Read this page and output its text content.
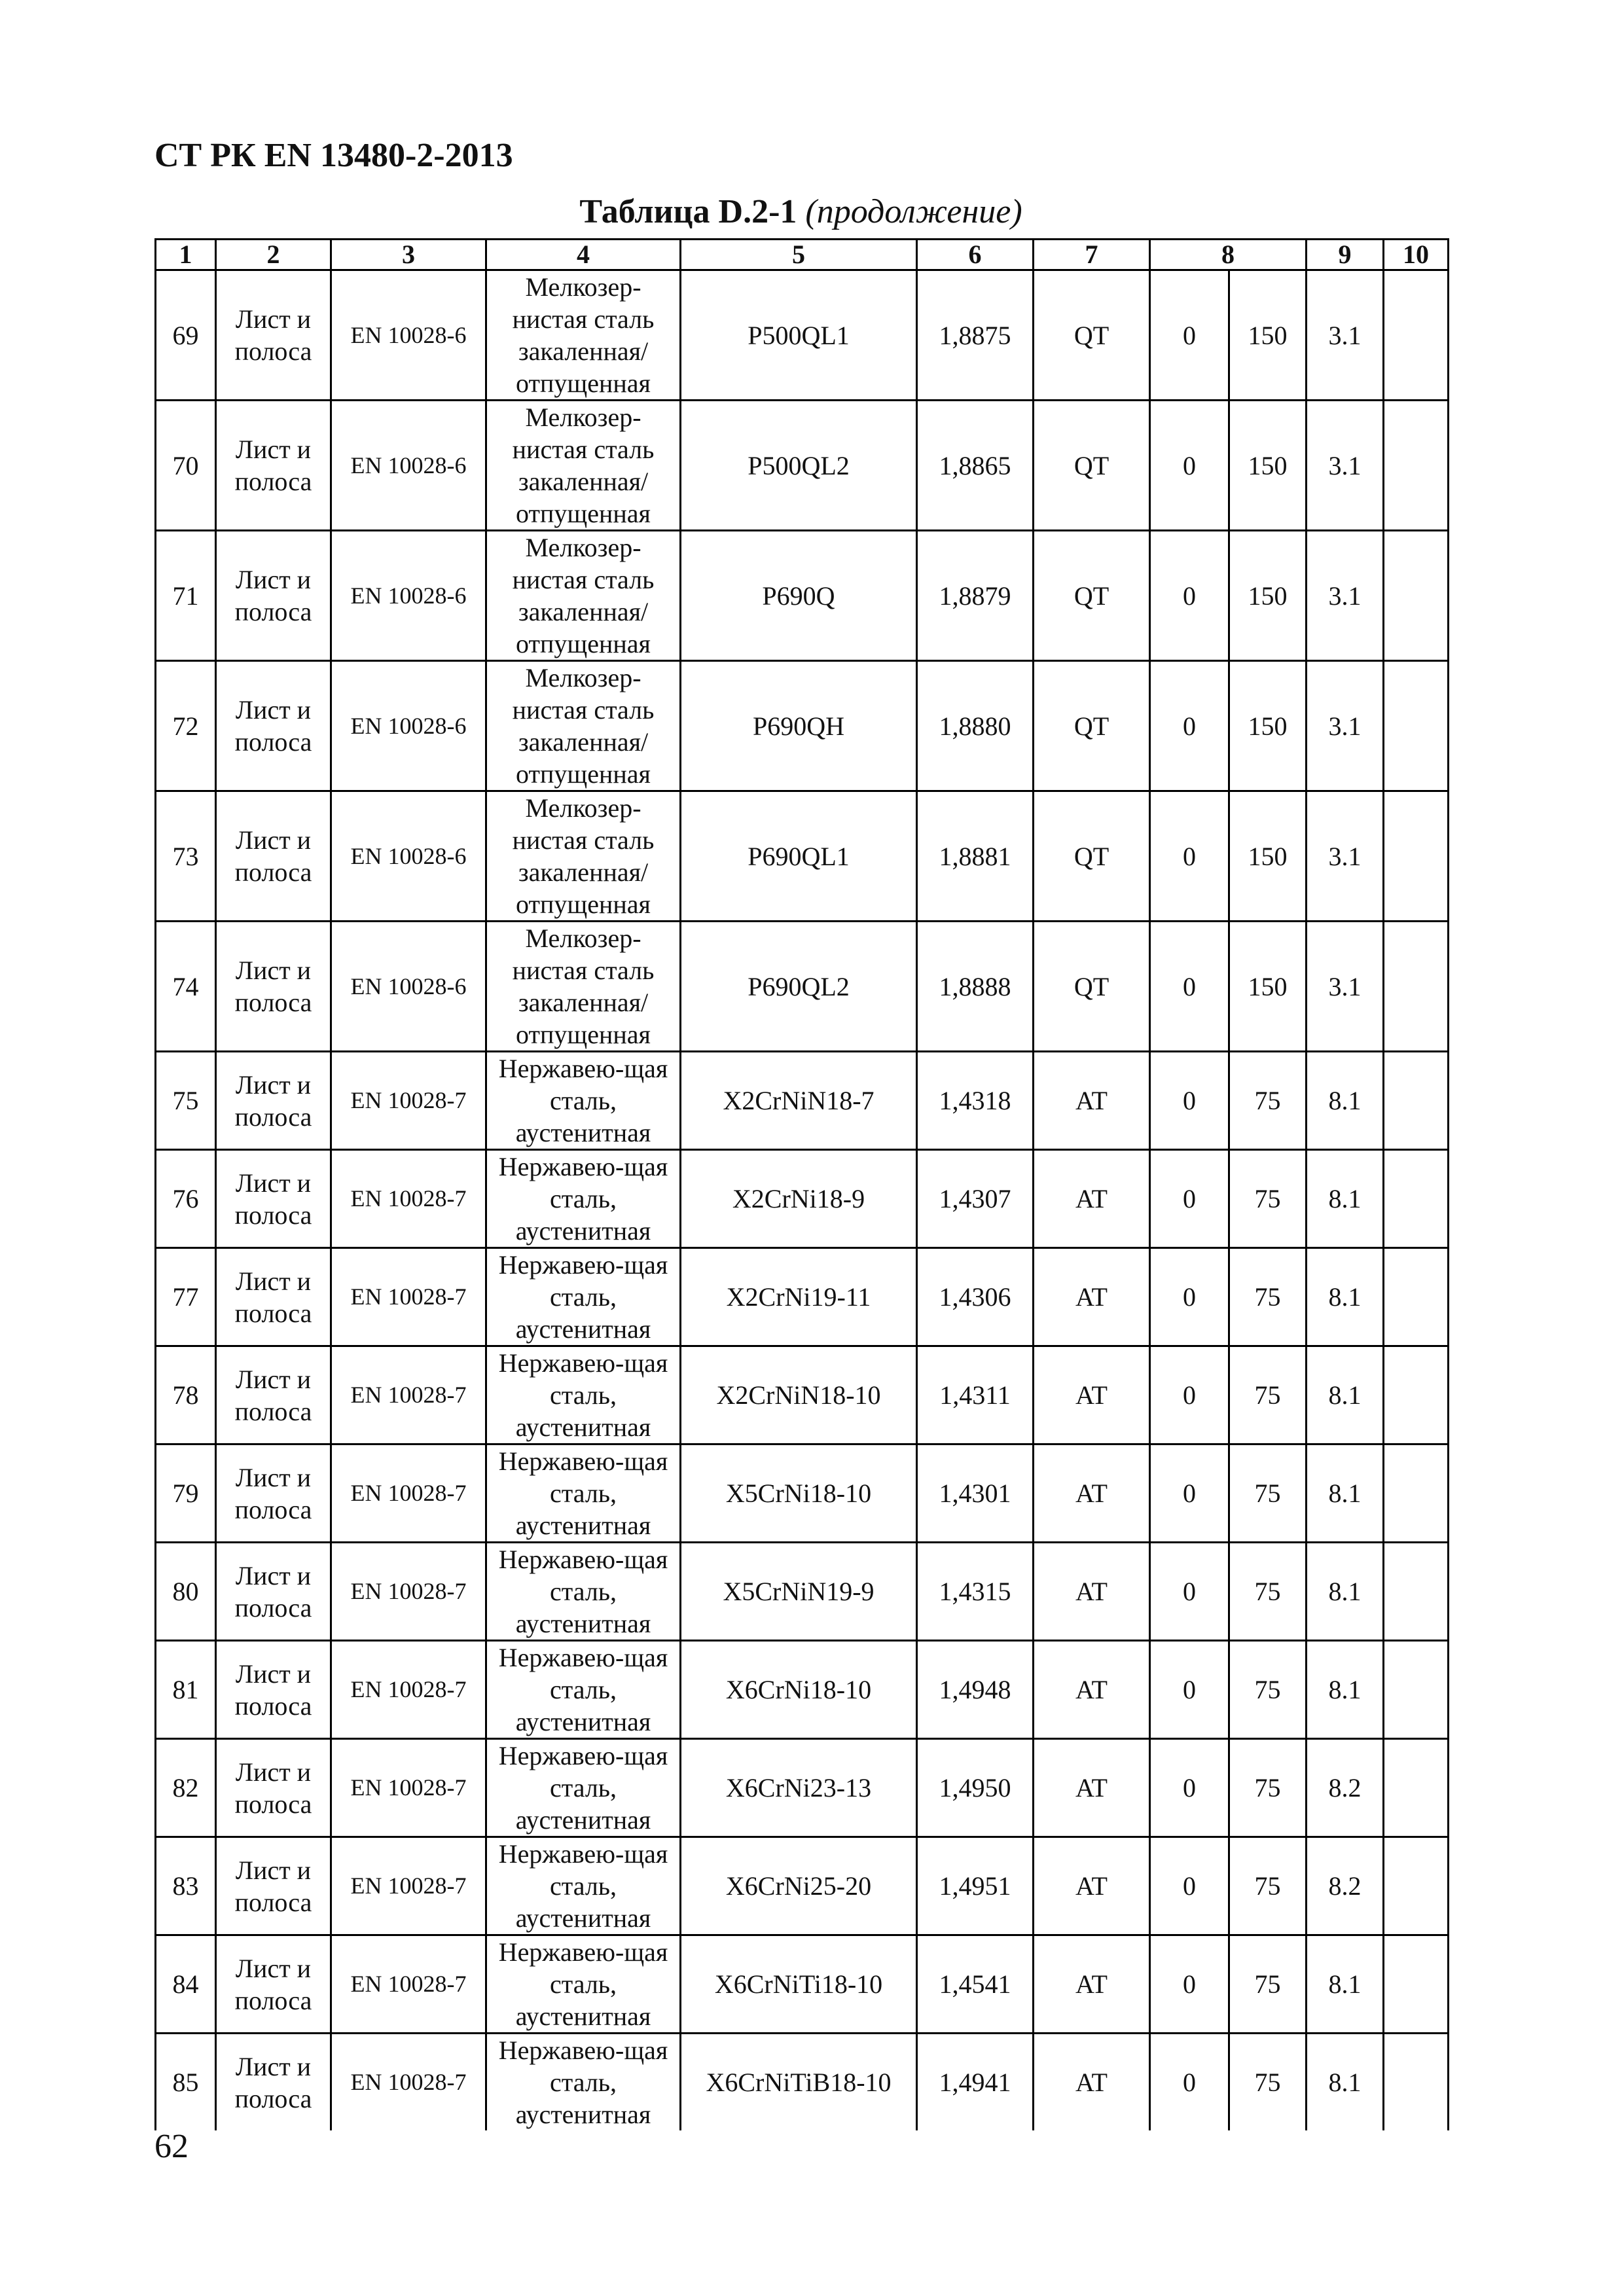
СТ РК EN 13480-2-2013
Таблица D.2-1 (продолжение)
1	2	3	4	5	6	7	8		9	10
69	Лист и полоса	EN 10028-6	Мелкозер-нистая сталь закаленная/ отпущенная	P500QL1	1,8875	QT	0	150	3.1	
70	Лист и полоса	EN 10028-6	Мелкозер-нистая сталь закаленная/ отпущенная	P500QL2	1,8865	QT	0	150	3.1	
71	Лист и полоса	EN 10028-6	Мелкозер-нистая сталь закаленная/ отпущенная	P690Q	1,8879	QT	0	150	3.1	
72	Лист и полоса	EN 10028-6	Мелкозер-нистая сталь закаленная/ отпущенная	P690QH	1,8880	QT	0	150	3.1	
73	Лист и полоса	EN 10028-6	Мелкозер-нистая сталь закаленная/ отпущенная	P690QL1	1,8881	QT	0	150	3.1	
74	Лист и полоса	EN 10028-6	Мелкозер-нистая сталь закаленная/ отпущенная	P690QL2	1,8888	QT	0	150	3.1	
75	Лист и полоса	EN 10028-7	Нержавею-щая сталь, аустенитная	X2CrNiN18-7	1,4318	AT	0	75	8.1	
76	Лист и полоса	EN 10028-7	Нержавею-щая сталь, аустенитная	X2CrNi18-9	1,4307	AT	0	75	8.1	
77	Лист и полоса	EN 10028-7	Нержавею-щая сталь, аустенитная	X2CrNi19-11	1,4306	AT	0	75	8.1	
78	Лист и полоса	EN 10028-7	Нержавею-щая сталь, аустенитная	X2CrNiN18-10	1,4311	AT	0	75	8.1	
79	Лист и полоса	EN 10028-7	Нержавею-щая сталь, аустенитная	X5CrNi18-10	1,4301	AT	0	75	8.1	
80	Лист и полоса	EN 10028-7	Нержавею-щая сталь, аустенитная	X5CrNiN19-9	1,4315	AT	0	75	8.1	
81	Лист и полоса	EN 10028-7	Нержавею-щая сталь, аустенитная	X6CrNi18-10	1,4948	AT	0	75	8.1	
82	Лист и полоса	EN 10028-7	Нержавею-щая сталь, аустенитная	X6CrNi23-13	1,4950	AT	0	75	8.2	
83	Лист и полоса	EN 10028-7	Нержавею-щая сталь, аустенитная	X6CrNi25-20	1,4951	AT	0	75	8.2	
84	Лист и полоса	EN 10028-7	Нержавею-щая сталь, аустенитная	X6CrNiTi18-10	1,4541	AT	0	75	8.1	
85	Лист и полоса	EN 10028-7	Нержавею-щая сталь, аустенитная	X6CrNiTiB18-10	1,4941	AT	0	75	8.1	
62
